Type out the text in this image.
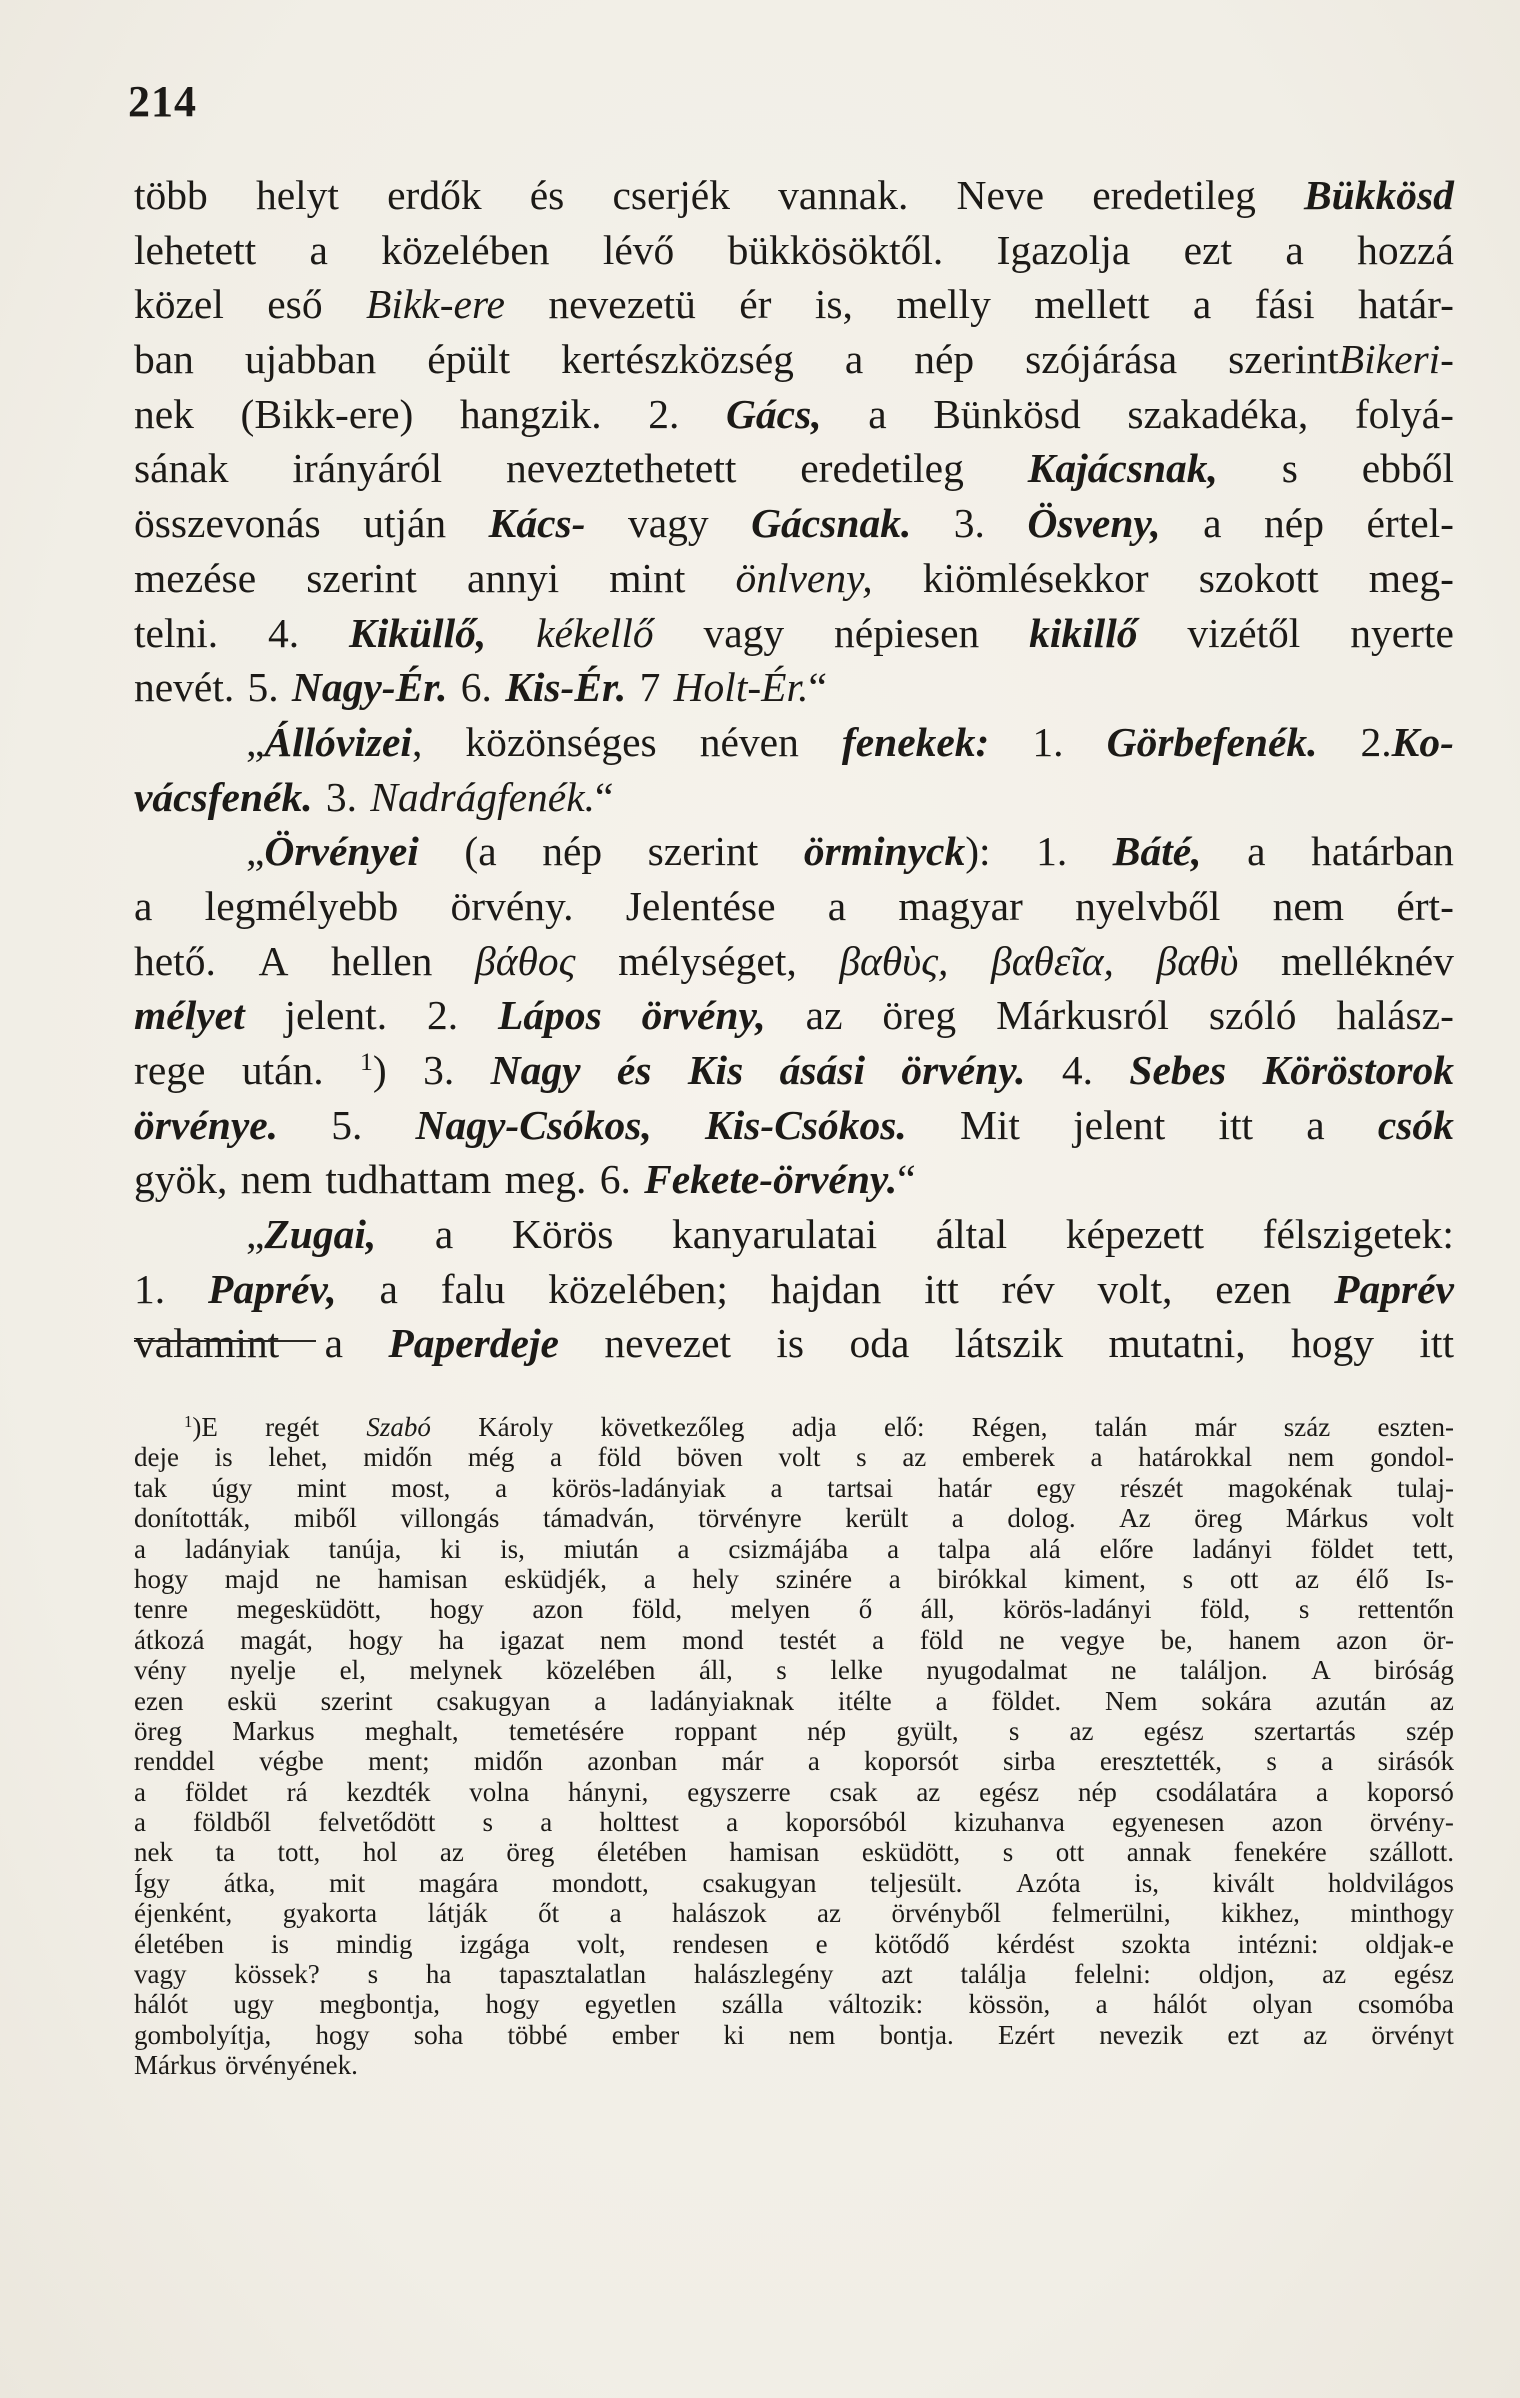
214
több helyt erdők és cserjék vannak. Neve eredetileg Bükkösd
lehetett a közelében lévő bükkösöktől. Igazolja ezt a hozzá
közel eső Bikk-ere nevezetü ér is, melly mellett a fási határ-
ban ujabban épült kertészközség a nép szójárása szerintBikeri-
nek (Bikk-ere) hangzik. 2. Gács, a Bünkösd szakadéka, folyá-
sának irányáról neveztethetett eredetileg Kajácsnak, s ebből
összevonás utján Kács- vagy Gácsnak. 3. Ösveny, a nép értel-
mezése szerint annyi mint önlveny, kiömlésekkor szokott meg-
telni. 4. Kiküllő, kékellő vagy népiesen kikillő vizétől nyerte
nevét. 5. Nagy-Ér. 6. Kis-Ér. 7 Holt-Ér.“
„Állóvizei, közönséges néven fenekek: 1. Görbefenék. 2.Ko-
vácsfenék. 3. Nadrágfenék.“
„Örvényei (a nép szerint örminyck): 1. Báté, a határban
a legmélyebb örvény. Jelentése a magyar nyelvből nem ért-
hető. A hellen βάθος mélységet, βαθὺς, βαθεῖα, βαθὺ melléknév
mélyet jelent. 2. Lápos örvény, az öreg Márkusról szóló halász-
rege után. $^1$) 3. Nagy és Kis ásási örvény. 4. Sebes Köröstorok
örvénye. 5. Nagy-Csókos, Kis-Csókos. Mit jelent itt a csók
gyök, nem tudhattam meg. 6. Fekete-örvény.“
„Zugai, a Körös kanyarulatai által képezett félszigetek:
1. Paprév, a falu közelében; hajdan itt rév volt, ezen Paprév
valamint a Paperdeje nevezet is oda látszik mutatni, hogy itt
$^1$)E regét Szabó Károly következőleg adja elő: Régen, talán már száz eszten-
deje is lehet, midőn még a föld böven volt s az emberek a határokkal nem gondol-
tak úgy mint most, a körös-ladányiak a tartsai határ egy részét magokénak tulaj-
donították, miből villongás támadván, törvényre került a dolog. Az öreg Márkus volt
a ladányiak tanúja, ki is, miután a csizmájába a talpa alá előre ladányi földet tett,
hogy majd ne hamisan esküdjék, a hely szinére a birókkal kiment, s ott az élő Is-
tenre megesküdött, hogy azon föld, melyen ő áll, körös-ladányi föld, s rettentőn
átkozá magát, hogy ha igazat nem mond testét a föld ne vegye be, hanem azon ör-
vény nyelje el, melynek közelében áll, s lelke nyugodalmat ne találjon. A biróság
ezen eskü szerint csakugyan a ladányiaknak itélte a földet. Nem sokára azután az
öreg Markus meghalt, temetésére roppant nép gyült, s az egész szertartás szép
renddel végbe ment; midőn azonban már a koporsót sirba eresztették, s a sirásók
a földet rá kezdték volna hányni, egyszerre csak az egész nép csodálatára a koporsó
a földből felvetődött s a holttest a koporsóból kizuhanva egyenesen azon örvény-
nek ta tott, hol az öreg életében hamisan esküdött, s ott annak fenekére szállott.
Így átka, mit magára mondott, csakugyan teljesült. Azóta is, kivált holdvilágos
éjenként, gyakorta látják őt a halászok az örvényből felmerülni, kikhez, minthogy
életében is mindig izgága volt, rendesen e kötődő kérdést szokta intézni: oldjak-e
vagy kössek? s ha tapasztalatlan halászlegény azt találja felelni: oldjon, az egész
hálót ugy megbontja, hogy egyetlen szálla változik: kössön, a hálót olyan csomóba
gombolyítja, hogy soha többé ember ki nem bontja. Ezért nevezik ezt az örvényt
Márkus örvényének.
